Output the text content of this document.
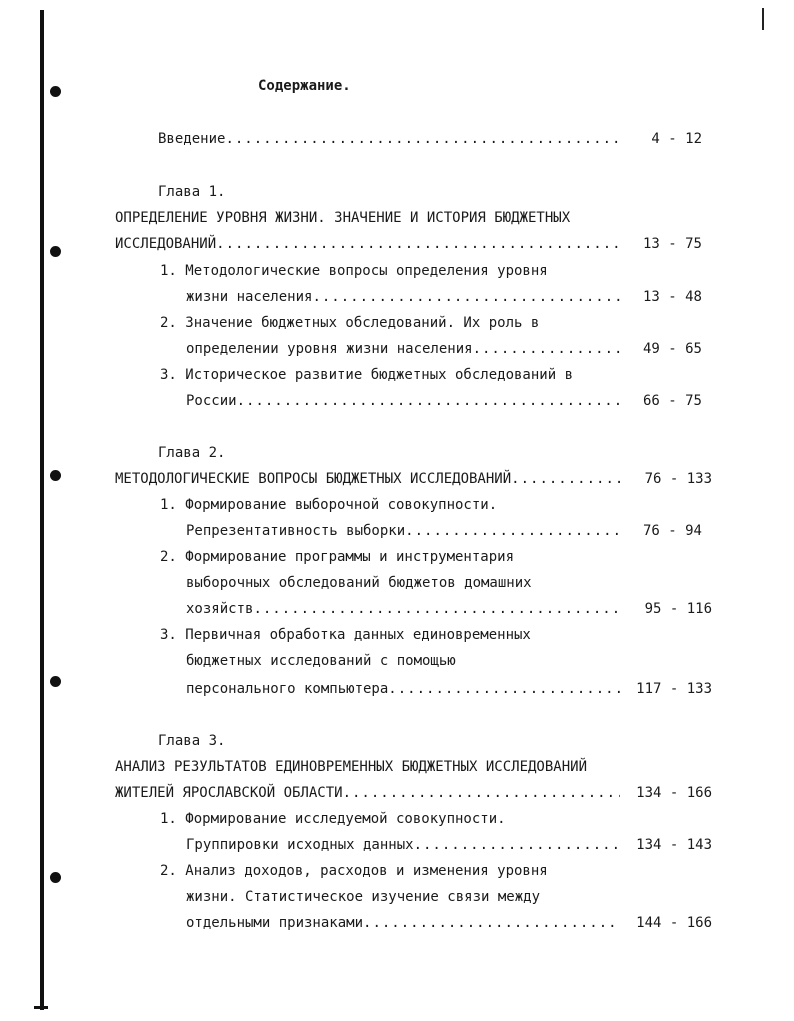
Содержание.
Введение .....	4 - 12
Глава 1.
ОПРЕДЕЛЕНИЕ УРОВНЯ ЖИЗНИ. ЗНАЧЕНИЕ И ИСТОРИЯ БЮДЖЕТНЫХ
ИССЛЕДОВАНИЙ .....	13 - 75
1. Методологические вопросы определения уровня
жизни населения .....	13 - 48
2. Значение бюджетных обследований. Их роль в
определении уровня жизни населения .....	49 - 65
3. Историческое развитие бюджетных обследований в
России .....	66 - 75
Глава 2.
МЕТОДОЛОГИЧЕСКИЕ ВОПРОСЫ БЮДЖЕТНЫХ ИССЛЕДОВАНИЙ .....	76 - 133
1. Формирование выборочной совокупности.
Репрезентативность выборки .....	76 - 94
2. Формирование программы и инструментария
выборочных обследований бюджетов домашних
хозяйств .....	95 - 116
3. Первичная обработка данных единовременных
бюджетных исследований с помощью
персонального компьютера .....	117 - 133
Глава 3.
АНАЛИЗ РЕЗУЛЬТАТОВ ЕДИНОВРЕМЕННЫХ БЮДЖЕТНЫХ ИССЛЕДОВАНИЙ
ЖИТЕЛЕЙ ЯРОСЛАВСКОЙ ОБЛАСТИ .....	134 - 166
1. Формирование исследуемой совокупности.
Группировки исходных данных .....	134 - 143
2. Анализ доходов, расходов и изменения уровня
жизни. Статистическое изучение связи между
отдельными признаками .....	144 - 166
